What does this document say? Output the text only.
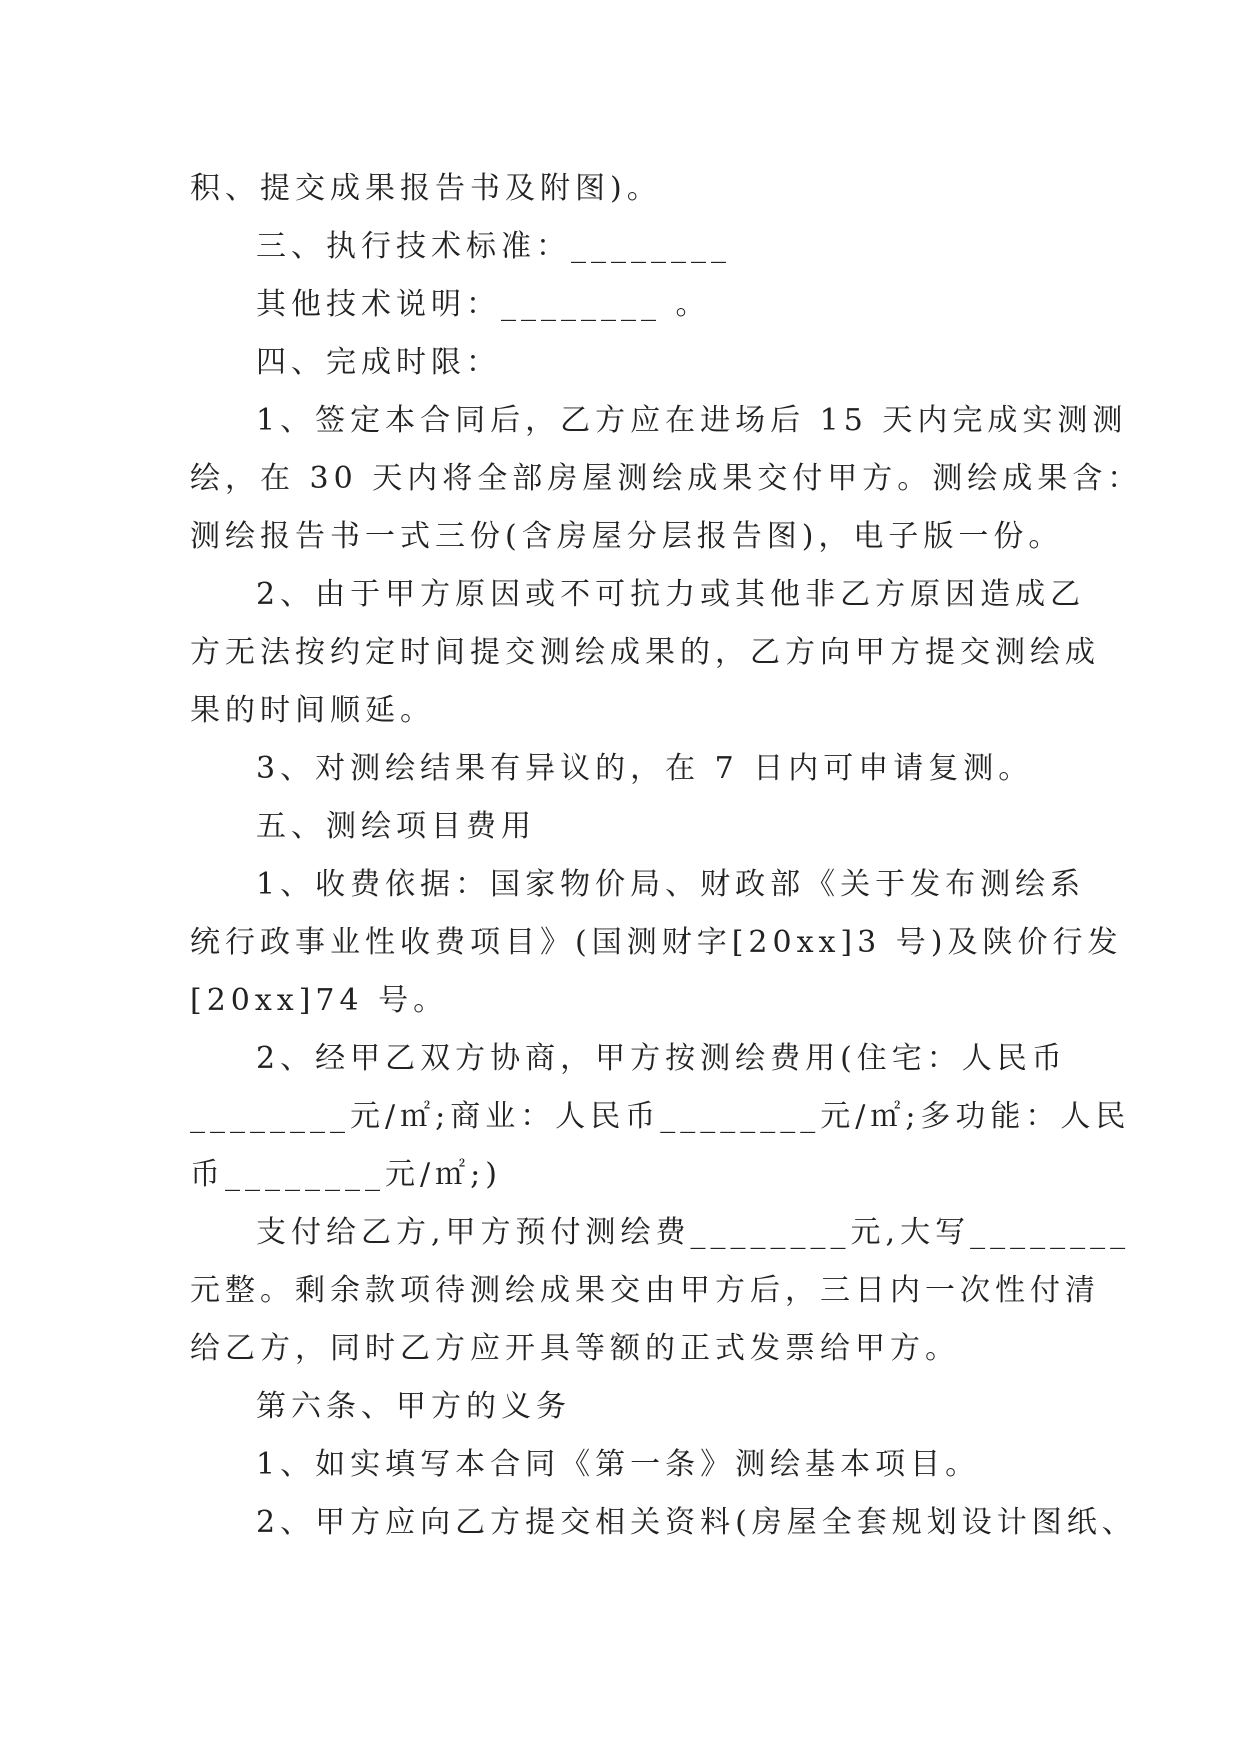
积、提交成果报告书及附图)。
三、执行技术标准：________
其他技术说明：________ 。
四、完成时限：
1、签定本合同后，乙方应在进场后 15 天内完成实测测
绘，在 30 天内将全部房屋测绘成果交付甲方。测绘成果含：
测绘报告书一式三份(含房屋分层报告图)，电子版一份。
2、由于甲方原因或不可抗力或其他非乙方原因造成乙
方无法按约定时间提交测绘成果的，乙方向甲方提交测绘成
果的时间顺延。
3、对测绘结果有异议的，在 7 日内可申请复测。
五、测绘项目费用
1、收费依据：国家物价局、财政部《关于发布测绘系
统行政事业性收费项目》(国测财字[20xx]3 号)及陕价行发
[20xx]74 号。
2、经甲乙双方协商，甲方按测绘费用(住宅：人民币
________元/㎡;商业：人民币________元/㎡;多功能：人民
币________元/㎡;)
支付给乙方,甲方预付测绘费________元,大写________
元整。剩余款项待测绘成果交由甲方后，三日内一次性付清
给乙方，同时乙方应开具等额的正式发票给甲方。
第六条、甲方的义务
1、如实填写本合同《第一条》测绘基本项目。
2、甲方应向乙方提交相关资料(房屋全套规划设计图纸、
